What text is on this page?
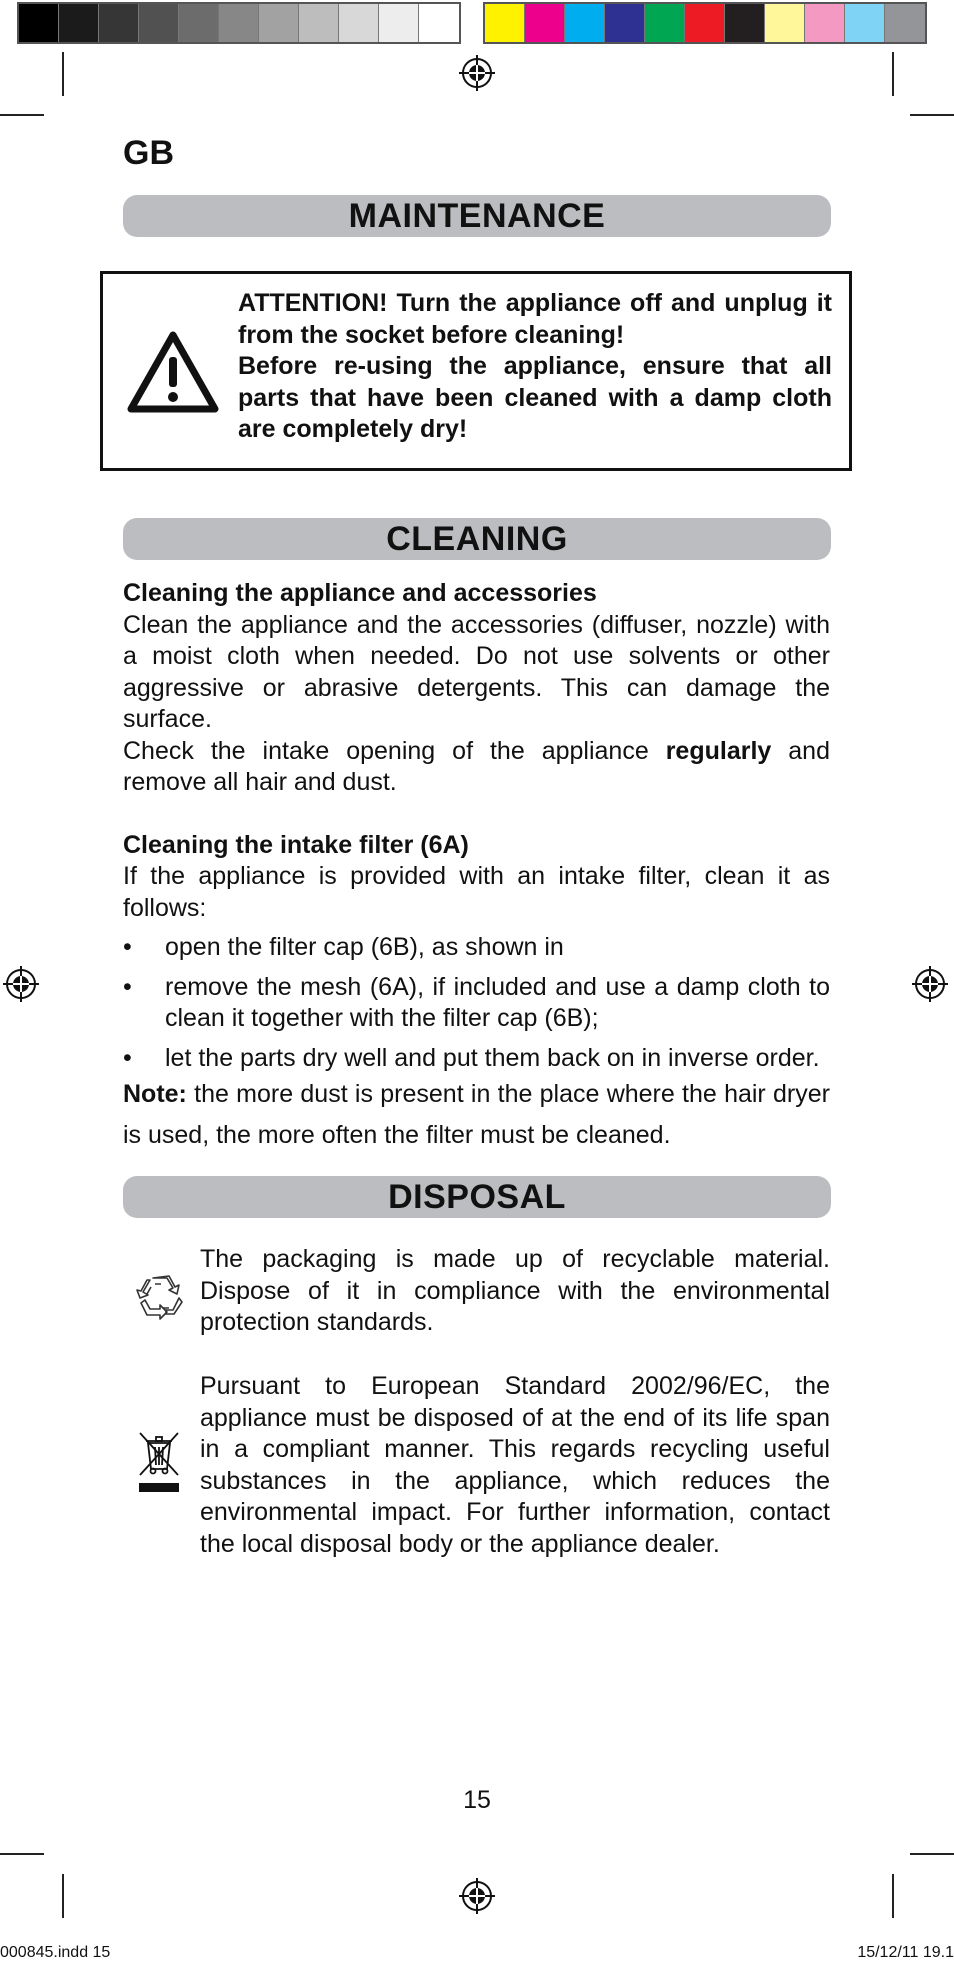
GB
MAINTENANCE

ATTENTION! Turn the appliance off and unplug it from the socket before cleaning!

Before re-using the appliance, ensure that all parts that have been cleaned with a damp cloth are completely dry!

CLEANING

Cleaning the appliance and accessories

Clean the appliance and the accessories (diffuser, nozzle) with a moist cloth when needed. Do not use solvents or other aggressive or abrasive detergents. This can damage the surface.

Check the intake opening of the appliance regularly and remove all hair and dust.

Cleaning the intake filter (6A)

If the appliance is provided with an intake filter, clean it as follows:

• open the filter cap (6B), as shown in
• remove the mesh (6A), if included and use a damp cloth to clean it together with the filter cap (6B);
• let the parts dry well and put them back on in inverse order.

Note: the more dust is present in the place where the hair dryer is used, the more often the filter must be cleaned.

DISPOSAL
The packaging is made up of recyclable material. Dispose of it in compliance with the environmental protection standards.
Pursuant to European Standard 2002/96/EC, the appliance must be disposed of at the end of its life span in a compliant manner. This regards recycling useful substances in the appliance, which reduces the environmental impact. For further information, contact the local disposal body or the appliance dealer.
15
000845.indd 15	15/12/11 19.1
